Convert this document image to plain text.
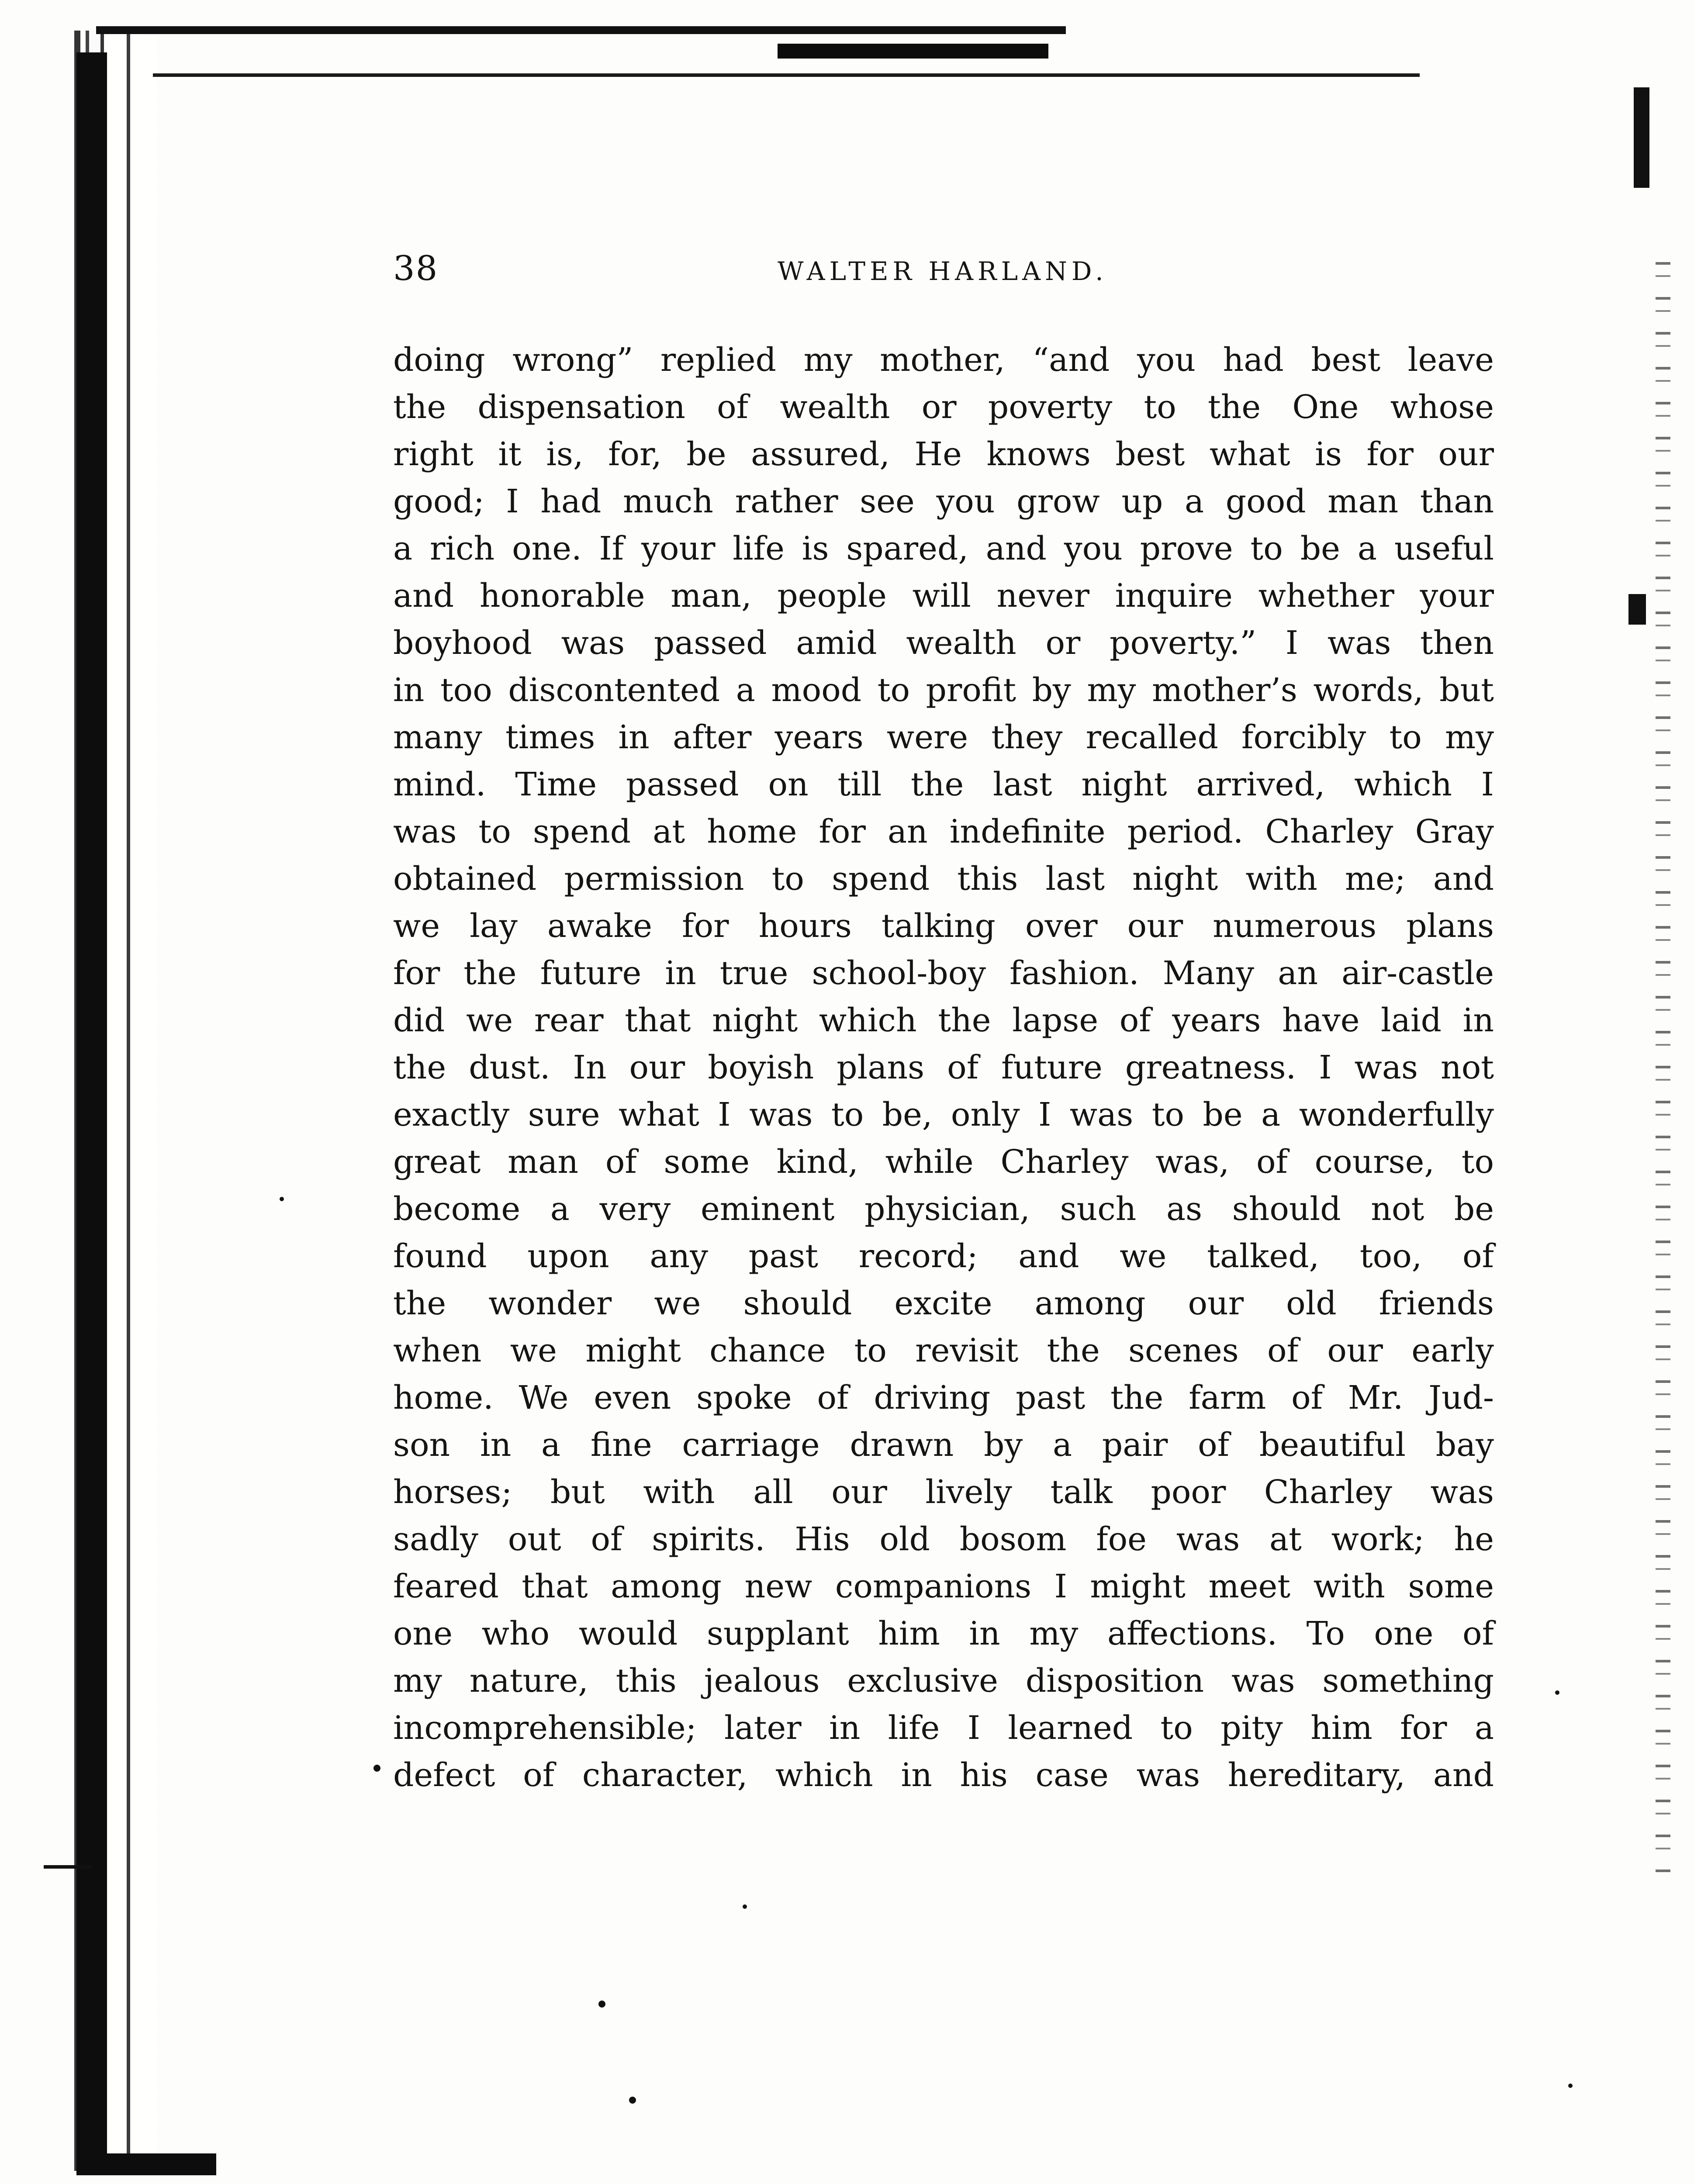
38	WALTER HARLAND.
doing wrong” replied my mother, “and you had best leave
the dispensation of wealth or poverty to the One whose
right it is, for, be assured, He knows best what is for our
good; I had much rather see you grow up a good man than
a rich one. If your life is spared, and you prove to be a useful
and honorable man, people will never inquire whether your
boyhood was passed amid wealth or poverty.” I was then
in too discontented a mood to profit by my mother’s words, but
many times in after years were they recalled forcibly to my
mind. Time passed on till the last night arrived, which I
was to spend at home for an indefinite period. Charley Gray
obtained permission to spend this last night with me; and
we lay awake for hours talking over our numerous plans
for the future in true school-boy fashion. Many an air-castle
did we rear that night which the lapse of years have laid in
the dust. In our boyish plans of future greatness. I was not
exactly sure what I was to be, only I was to be a wonderfully
great man of some kind, while Charley was, of course, to
become a very eminent physician, such as should not be
found upon any past record; and we talked, too, of
the wonder we should excite among our old friends
when we might chance to revisit the scenes of our early
home. We even spoke of driving past the farm of Mr. Jud-
son in a fine carriage drawn by a pair of beautiful bay
horses; but with all our lively talk poor Charley was
sadly out of spirits. His old bosom foe was at work; he
feared that among new companions I might meet with some
one who would supplant him in my affections. To one of
my nature, this jealous exclusive disposition was something
incomprehensible; later in life I learned to pity him for a
defect of character, which in his case was hereditary, and
